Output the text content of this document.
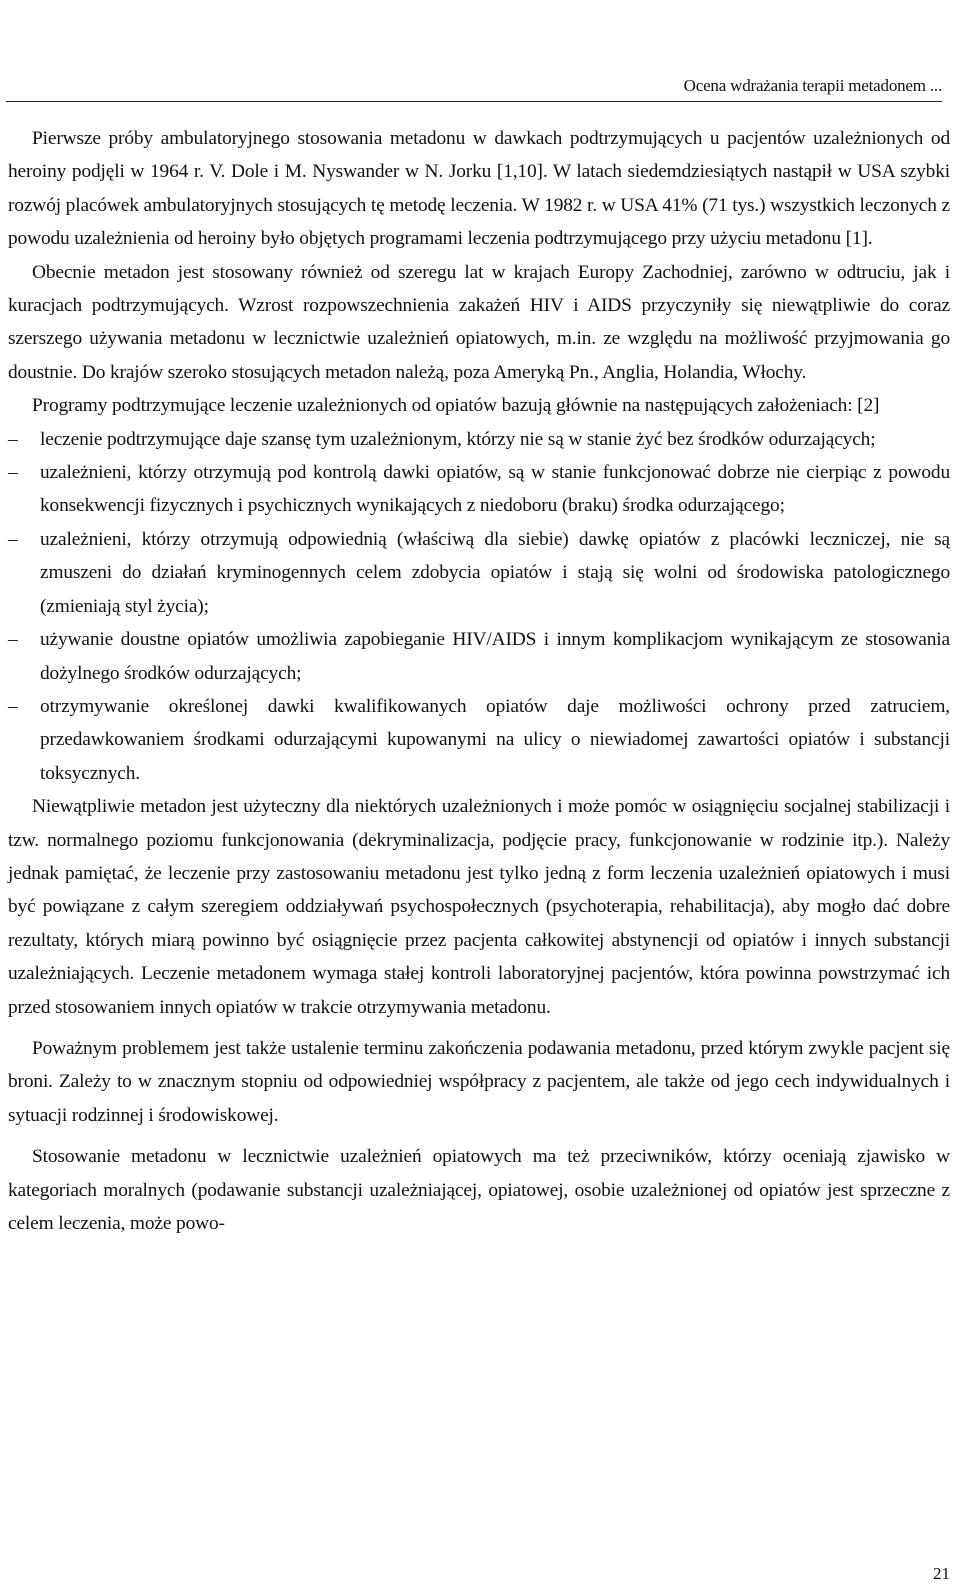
Ocena wdrażania terapii metadonem ...

Pierwsze próby ambulatoryjnego stosowania metadonu w dawkach podtrzymujących u pacjentów uzależnionych od heroiny podjęli w 1964 r. V. Dole i M. Nyswander w N. Jorku [1,10]. W latach siedemdziesiątych nastąpił w USA szybki rozwój placówek ambulatoryjnych stosujących tę metodę leczenia. W 1982 r. w USA 41% (71 tys.) wszystkich leczonych z powodu uzależnienia od heroiny było objętych programami leczenia podtrzymującego przy użyciu metadonu [1].

Obecnie metadon jest stosowany również od szeregu lat w krajach Europy Zachodniej, zarówno w odtruciu, jak i kuracjach podtrzymujących. Wzrost rozpowszechnienia zakażeń HIV i AIDS przyczyniły się niewątpliwie do coraz szerszego używania metadonu w lecznictwie uzależnień opiatowych, m.in. ze względu na możliwość przyjmowania go doustnie. Do krajów szeroko stosujących metadon należą, poza Ameryką Pn., Anglia, Holandia, Włochy.

Programy podtrzymujące leczenie uzależnionych od opiatów bazują głównie na następujących założeniach: [2]

– leczenie podtrzymujące daje szansę tym uzależnionym, którzy nie są w stanie żyć bez środków odurzających;
– uzależnieni, którzy otrzymują pod kontrolą dawki opiatów, są w stanie funkcjonować dobrze nie cierpiąc z powodu konsekwencji fizycznych i psychicznych wynikających z niedoboru (braku) środka odurzającego;
– uzależnieni, którzy otrzymują odpowiednią (właściwą dla siebie) dawkę opiatów z placówki leczniczej, nie są zmuszeni do działań kryminogennych celem zdobycia opiatów i stają się wolni od środowiska patologicznego (zmieniają styl życia);
– używanie doustne opiatów umożliwia zapobieganie HIV/AIDS i innym komplikacjom wynikającym ze stosowania dożylnego środków odurzających;
– otrzymywanie określonej dawki kwalifikowanych opiatów daje możliwości ochrony przed zatruciem, przedawkowaniem środkami odurzającymi kupowanymi na ulicy o niewiadomej zawartości opiatów i substancji toksycznych.

Niewątpliwie metadon jest użyteczny dla niektórych uzależnionych i może pomóc w osiągnięciu socjalnej stabilizacji i tzw. normalnego poziomu funkcjonowania (dekryminalizacja, podjęcie pracy, funkcjonowanie w rodzinie itp.). Należy jednak pamiętać, że leczenie przy zastosowaniu metadonu jest tylko jedną z form leczenia uzależnień opiatowych i musi być powiązane z całym szeregiem oddziaływań psychospołecznych (psychoterapia, rehabilitacja), aby mogło dać dobre rezultaty, których miarą powinno być osiągnięcie przez pacjenta całkowitej abstynencji od opiatów i innych substancji uzależniających. Leczenie metadonem wymaga stałej kontroli laboratoryjnej pacjentów, która powinna powstrzymać ich przed stosowaniem innych opiatów w trakcie otrzymywania metadonu.

Poważnym problemem jest także ustalenie terminu zakończenia podawania metadonu, przed którym zwykle pacjent się broni. Zależy to w znacznym stopniu od odpowiedniej współpracy z pacjentem, ale także od jego cech indywidualnych i sytuacji rodzinnej i środowiskowej.

Stosowanie metadonu w lecznictwie uzależnień opiatowych ma też przeciwników, którzy oceniają zjawisko w kategoriach moralnych (podawanie substancji uzależniającej, opiatowej, osobie uzależnionej od opiatów jest sprzeczne z celem leczenia, może powo-

21
